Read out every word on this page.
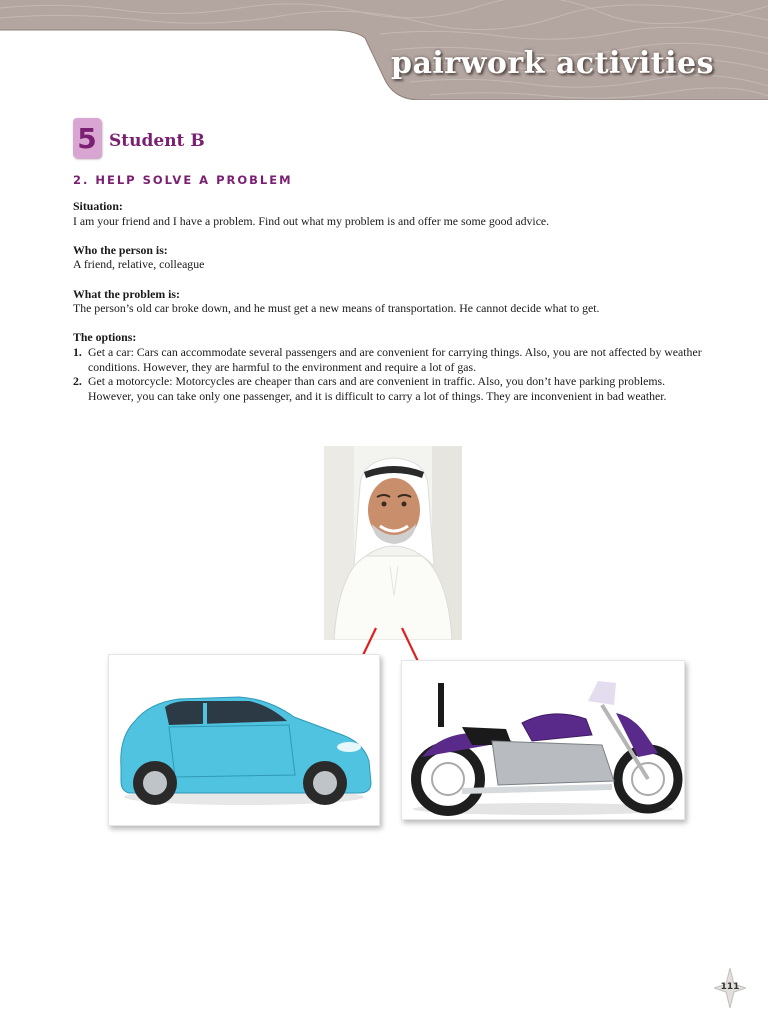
pairwork activities
5 Student B
2. HELP SOLVE A PROBLEM

Situation:

I am your friend and I have a problem. Find out what my problem is and offer me some good advice.

Who the person is:

A friend, relative, colleague

What the problem is:

The person’s old car broke down, and he must get a new means of transportation. He cannot decide what to get.

The options:

1. Get a car: Cars can accommodate several passengers and are convenient for carrying things. Also, you are not affected by weather conditions. However, they are harmful to the environment and require a lot of gas.
2. Get a motorcycle: Motorcycles are cheaper than cars and are convenient in traffic. Also, you don’t have parking problems. However, you can take only one passenger, and it is difficult to carry a lot of things. They are inconvenient in bad weather.
111
